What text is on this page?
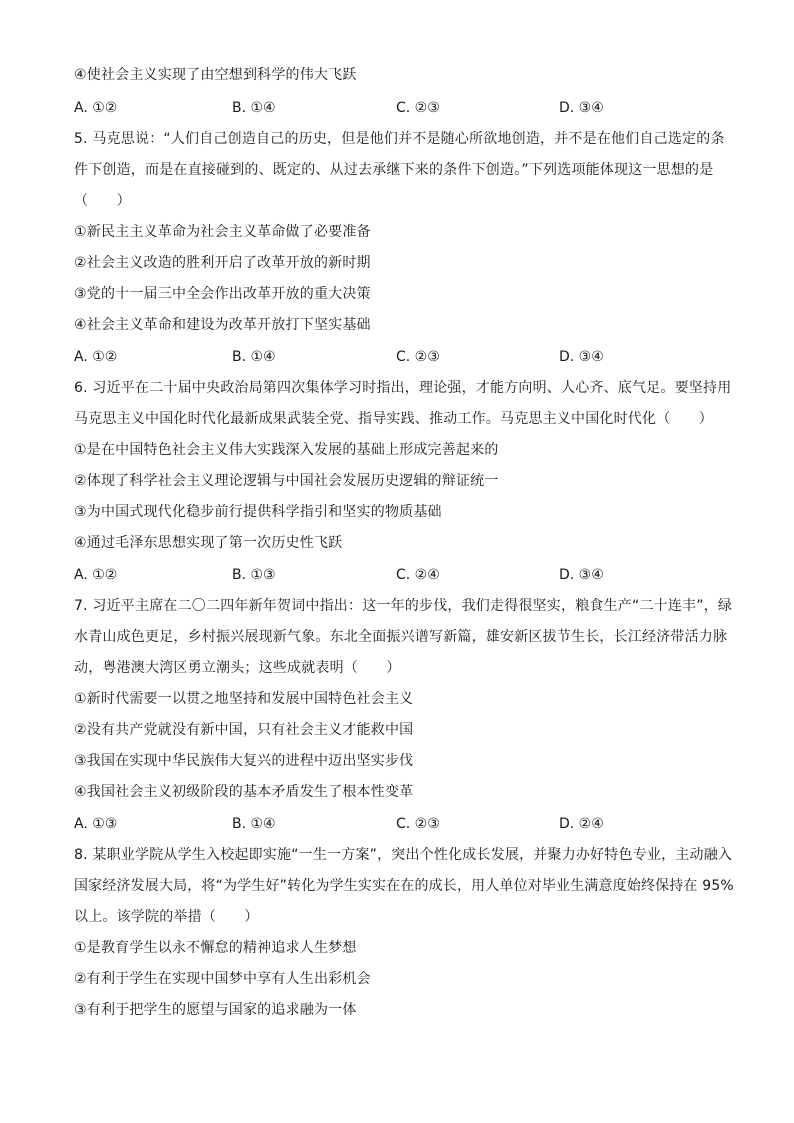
④使社会主义实现了由空想到科学的伟大飞跃
A. ①②	B. ①④	C. ②③	D. ③④
5. 马克思说：“人们自己创造自己的历史，但是他们并不是随心所欲地创造，并不是在他们自己选定的条
件下创造，而是在直接碰到的、既定的、从过去承继下来的条件下创造。”下列选项能体现这一思想的是
（　　）
①新民主主义革命为社会主义革命做了必要准备
②社会主义改造的胜利开启了改革开放的新时期
③党的十一届三中全会作出改革开放的重大决策
④社会主义革命和建设为改革开放打下坚实基础
A. ①②	B. ①④	C. ②③	D. ③④
6. 习近平在二十届中央政治局第四次集体学习时指出，理论强，才能方向明、人心齐、底气足。要坚持用
马克思主义中国化时代化最新成果武装全党、指导实践、推动工作。马克思主义中国化时代化（　　）
①是在中国特色社会主义伟大实践深入发展的基础上形成完善起来的
②体现了科学社会主义理论逻辑与中国社会发展历史逻辑的辩证统一
③为中国式现代化稳步前行提供科学指引和坚实的物质基础
④通过毛泽东思想实现了第一次历史性飞跃
A. ①②	B. ①③	C. ②④	D. ③④
7. 习近平主席在二〇二四年新年贺词中指出：这一年的步伐，我们走得很坚实，粮食生产“二十连丰”，绿
水青山成色更足，乡村振兴展现新气象。东北全面振兴谱写新篇，雄安新区拔节生长，长江经济带活力脉
动，粤港澳大湾区勇立潮头；这些成就表明（　　）
①新时代需要一以贯之地坚持和发展中国特色社会主义
②没有共产党就没有新中国，只有社会主义才能救中国
③我国在实现中华民族伟大复兴的进程中迈出坚实步伐
④我国社会主义初级阶段的基本矛盾发生了根本性变革
A. ①③	B. ①④	C. ②③	D. ②④
8. 某职业学院从学生入校起即实施“一生一方案”，突出个性化成长发展，并聚力办好特色专业，主动融入
国家经济发展大局，将“为学生好”转化为学生实实在在的成长，用人单位对毕业生满意度始终保持在 95%
以上。该学院的举措（　　）
①是教育学生以永不懈怠的精神追求人生梦想
②有利于学生在实现中国梦中享有人生出彩机会
③有利于把学生的愿望与国家的追求融为一体
